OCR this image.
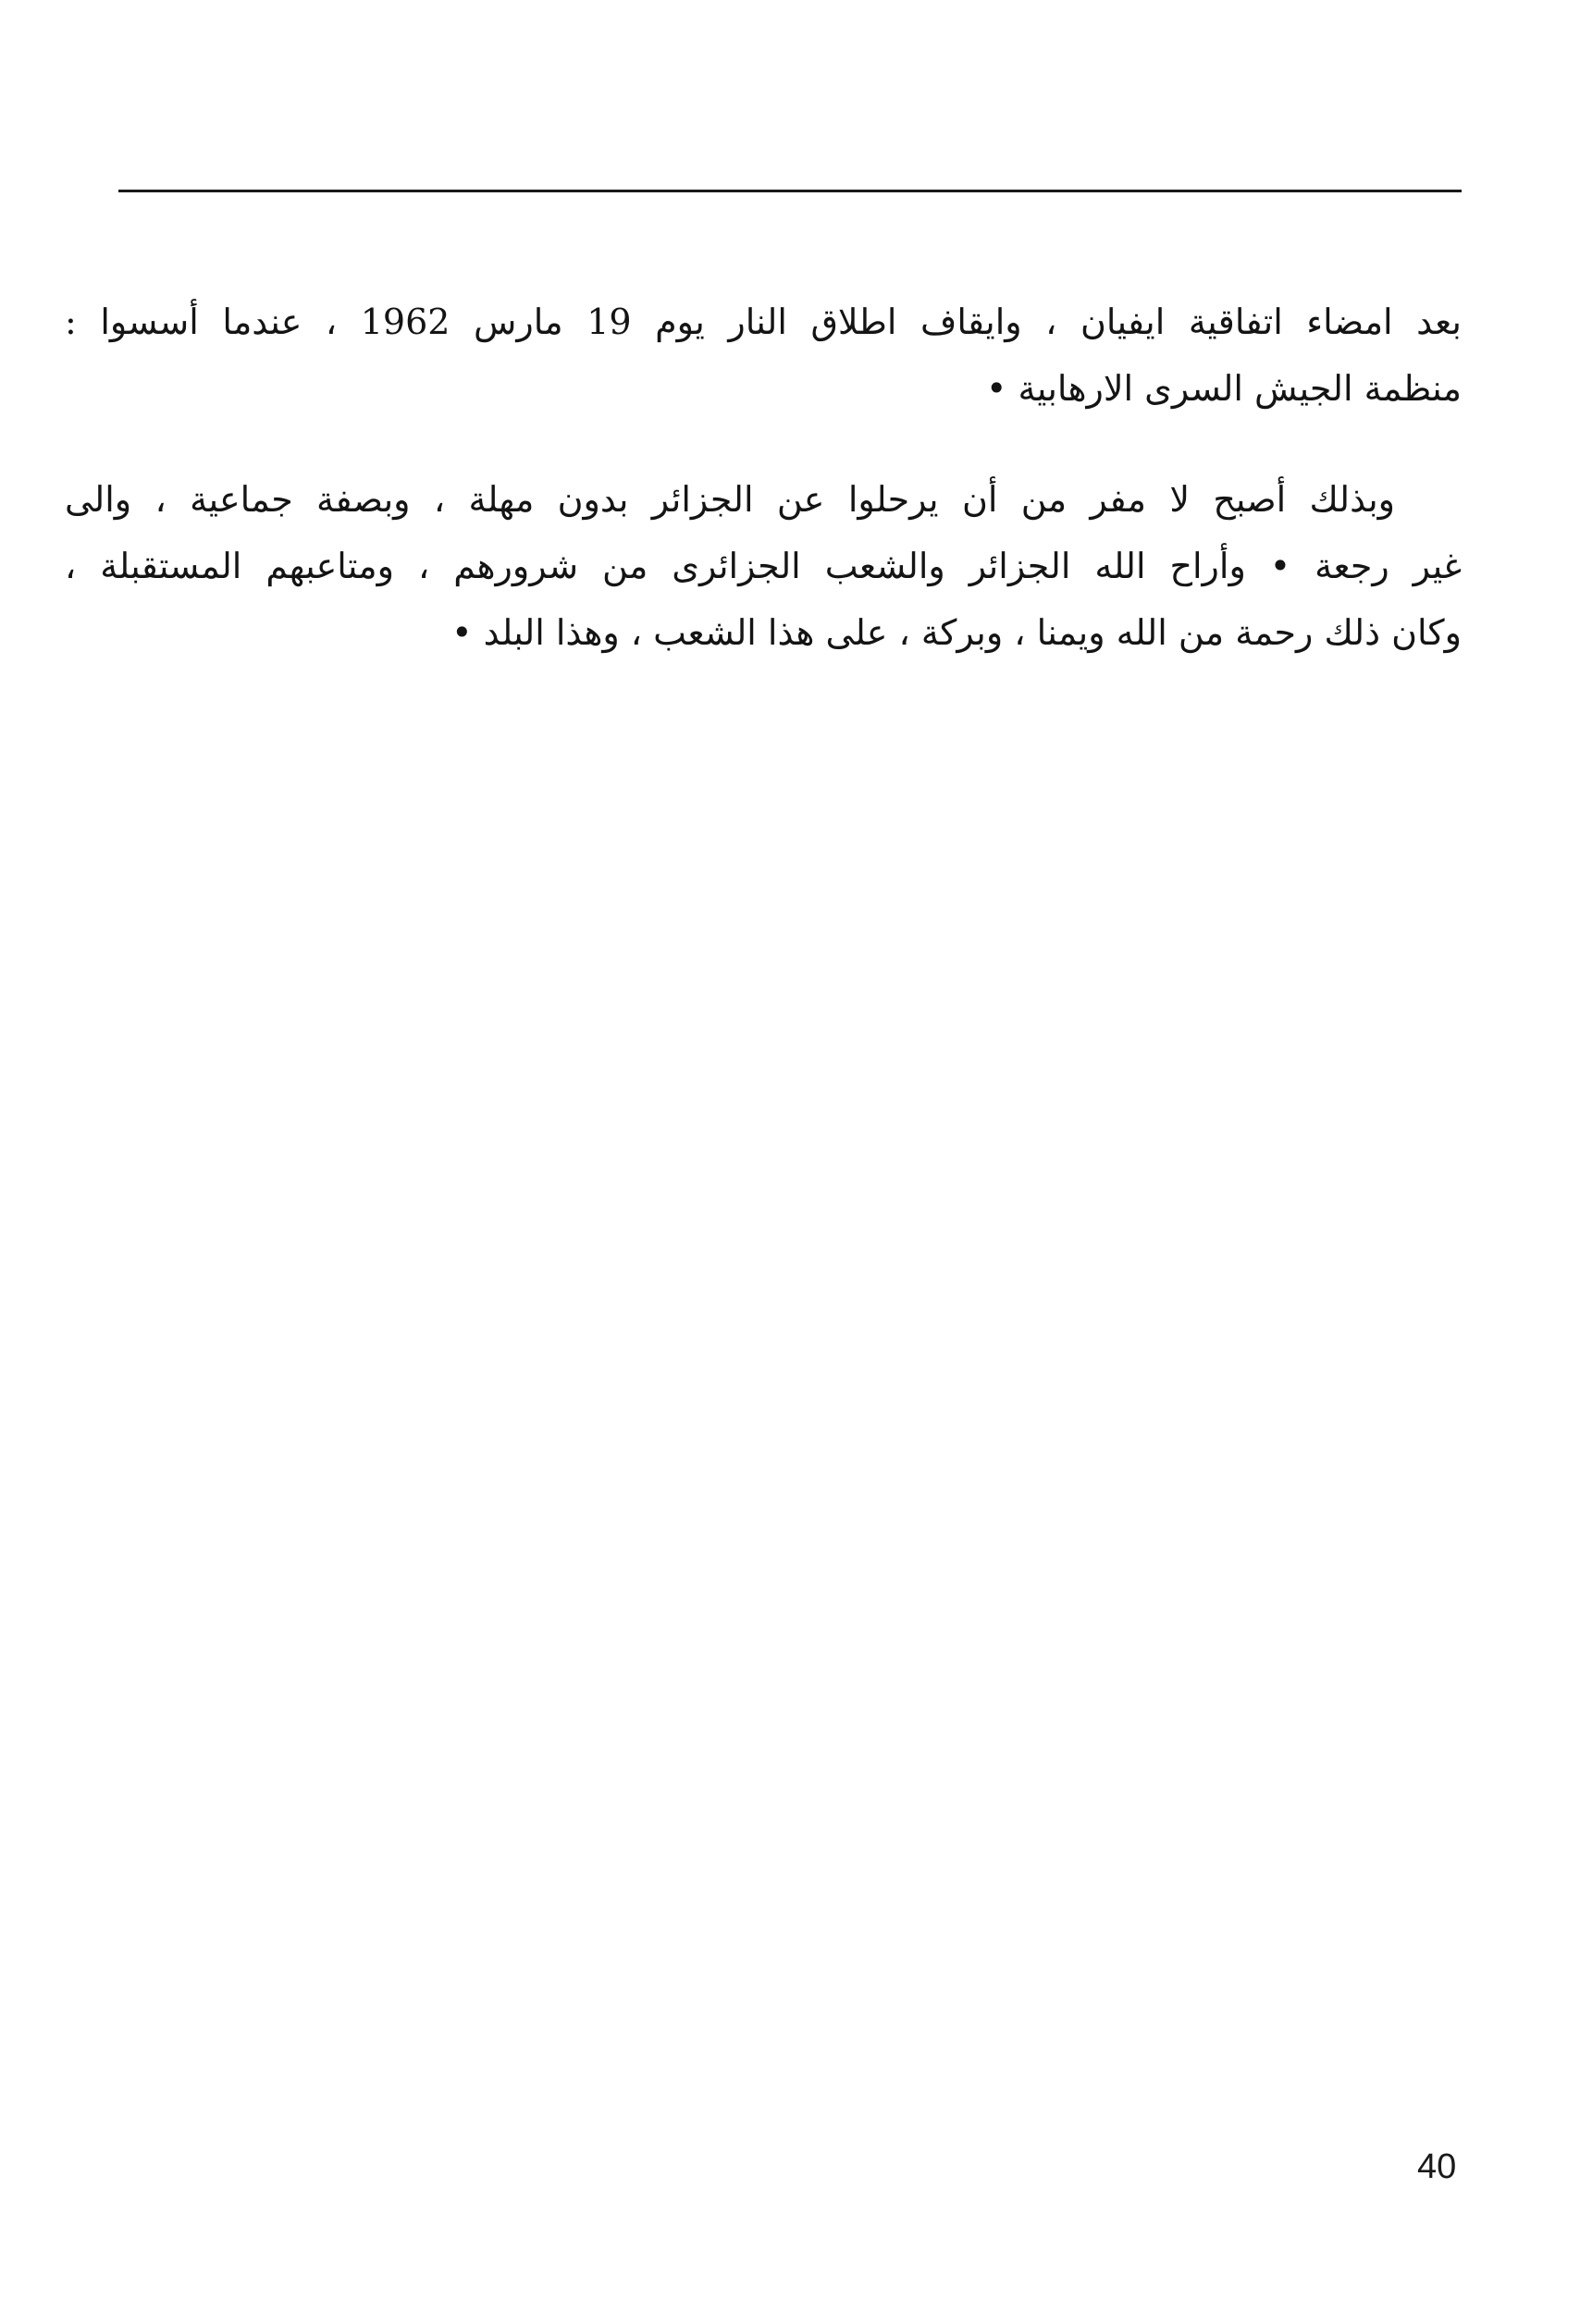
بعد امضاء اتفاقية ايفيان ، وايقاف اطلاق النار يوم 19 مارس 1962 ، عندما أسسوا :
منظمة الجيش السرى الارهابية •

وبذلك أصبح لا مفر من أن يرحلوا عن الجزائر بدون مهلة ، وبصفة جماعية ، والى
غير رجعة • وأراح الله الجزائر والشعب الجزائرى من شرورهم ، ومتاعبهم المستقبلة ،
وكان ذلك رحمة من الله ويمنا ، وبركة ، على هذا الشعب ، وهذا البلد •

40
